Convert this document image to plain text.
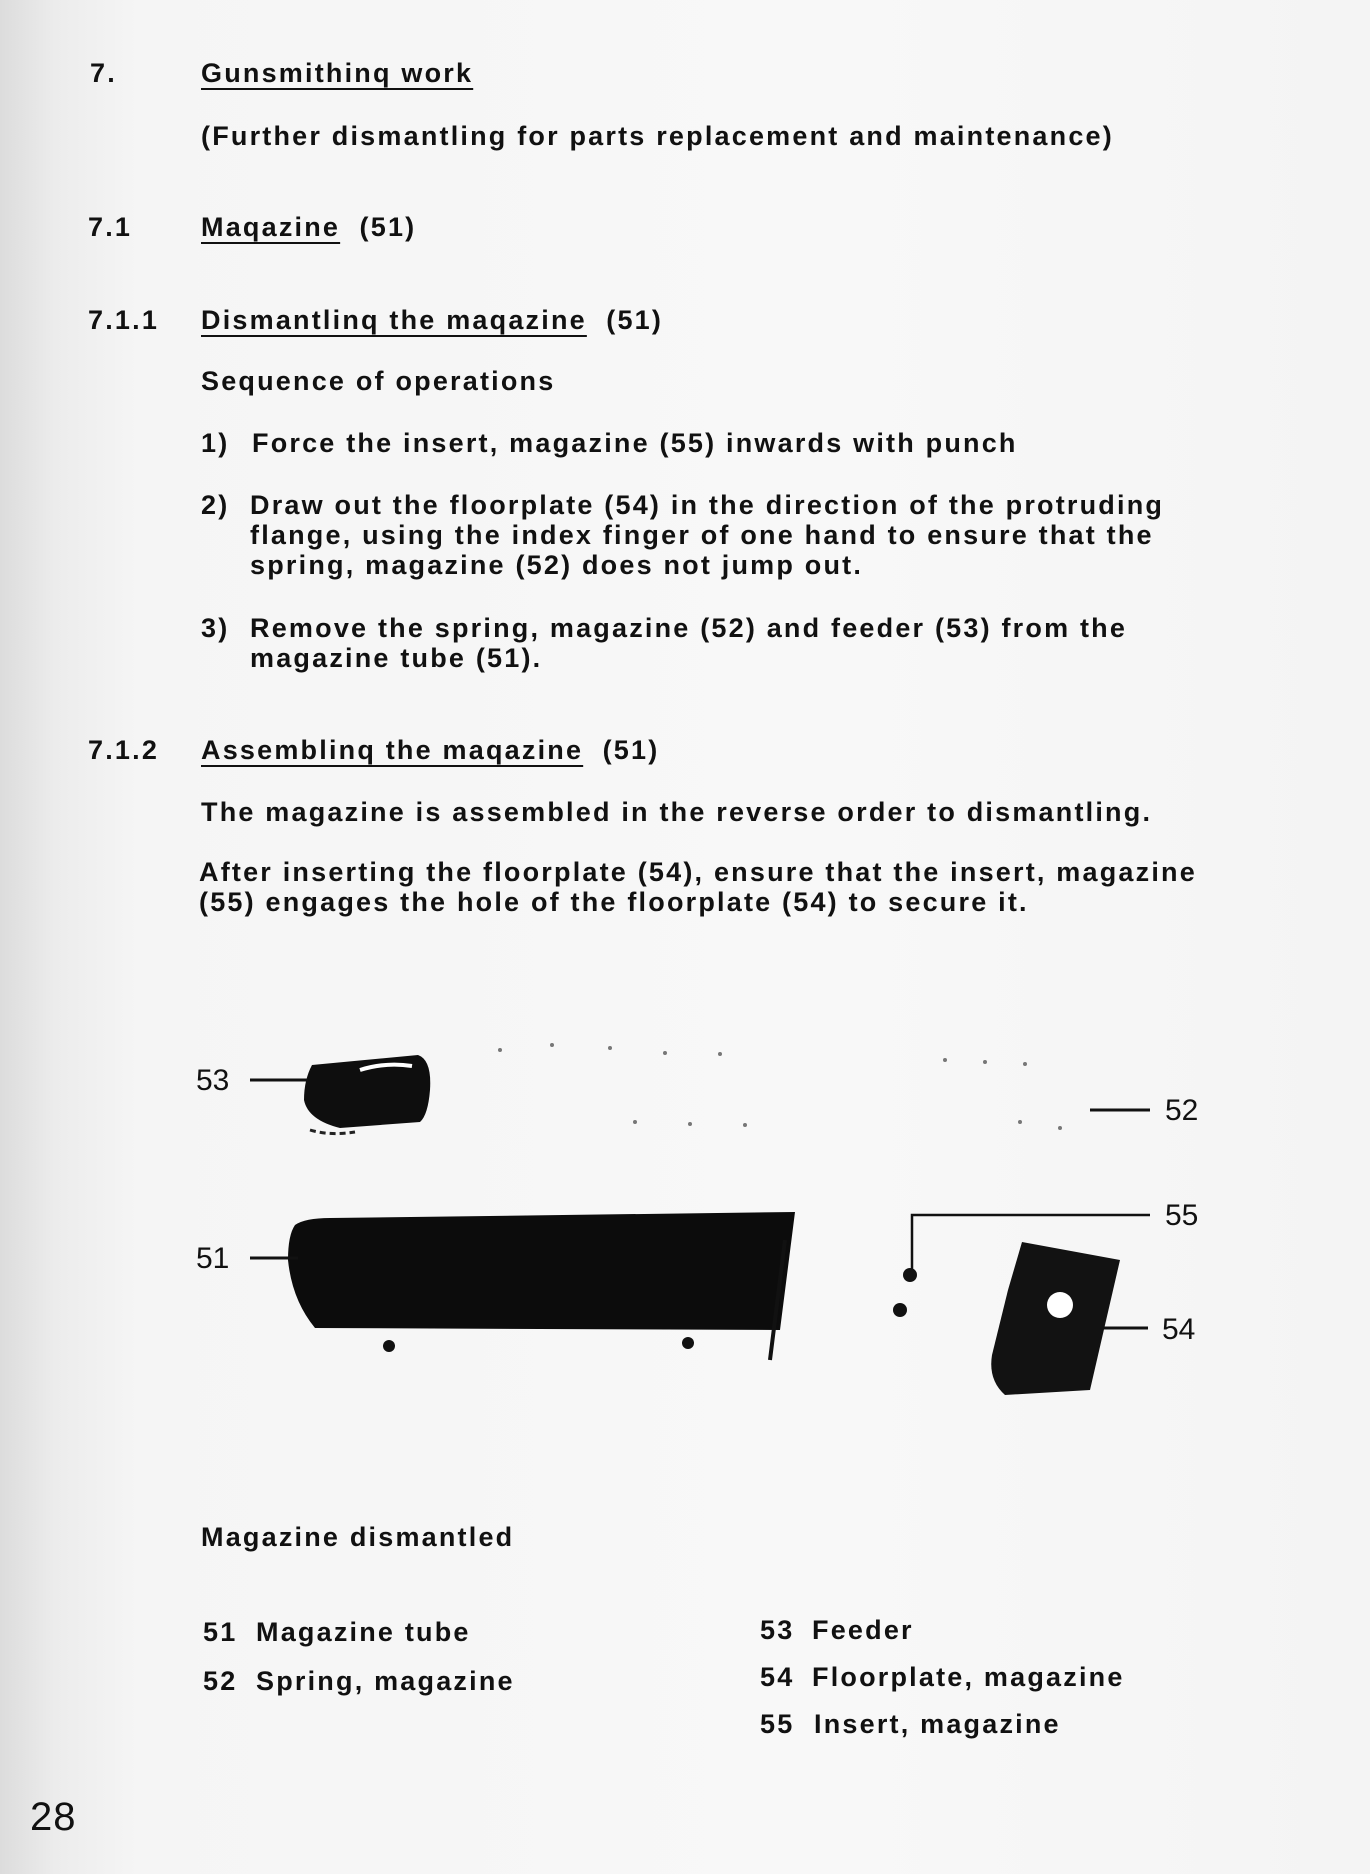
7.	Gunsmithinq work
(Further dismantling for parts replacement and maintenance)
7.1	Maqazine (51)
7.1.1 Dismantlinq the maqazine (51)
Sequence of operations
1) Force the insert, magazine (55) inwards with punch
2) Draw out the floorplate (54) in the direction of the protruding flange, using the index finger of one hand to ensure that the spring, magazine (52) does not jump out.
3) Remove the spring, magazine (52) and feeder (53) from the magazine tube (51).
7.1.2 Assemblinq the maqazine (51)
The magazine is assembled in the reverse order to dismantling.
After inserting the floorplate (54), ensure that the insert, magazine (55) engages the hole of the floorplate (54) to secure it.
53
52
51
55
54
Magazine dismantled
51 Magazine tube
52 Spring, magazine
53 Feeder
54 Floorplate, magazine
55 Insert, magazine
28
